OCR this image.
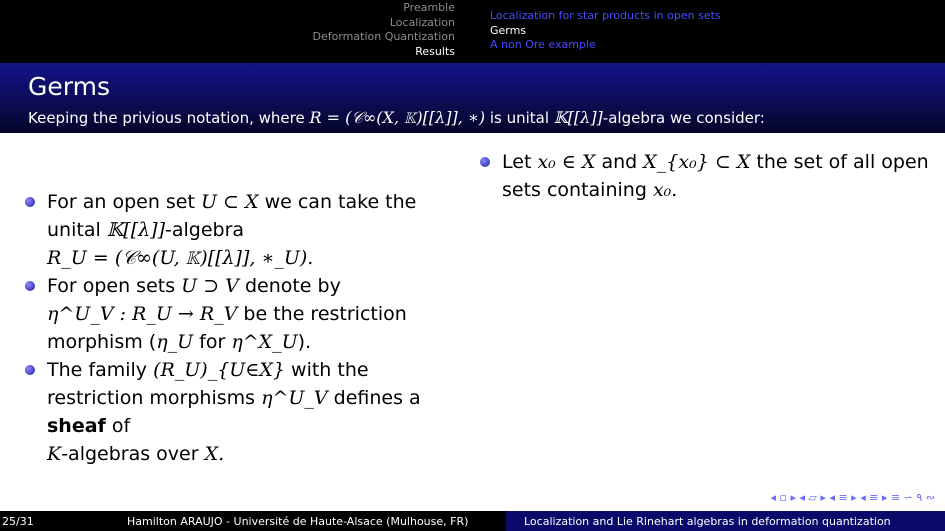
Preamble
Localization
Deformation Quantization
Results
Localization for star products in open sets
Germs
A non Ore example
Germs
Keeping the privious notation, where R = (𝒞∞(X, 𝕂)[[λ]], ∗) is unital 𝕂[[λ]]-algebra we consider:
For an open set U ⊂ X we can take the unital 𝕂[[λ]]-algebra
R_U = (𝒞∞(U, 𝕂)[[λ]], ∗_U).
For open sets U ⊃ V denote by
η^U_V : R_U → R_V be the restriction morphism (η_U for η^X_U).
The family (R_U)_{U∈X} with the restriction morphisms η^U_V defines a sheaf of
K-algebras over X.
Let x₀ ∈ X and X_{x₀} ⊂ X the set of all open sets containing x₀.
◂ ▫ ▸ ◂ ▱ ▸ ◂ ≡ ▸ ◂ ≡ ▸ ≡ ∽ ۹ ∾
25/31	Hamilton ARAUJO - Université de Haute-Alsace (Mulhouse, FR)	Localization and Lie Rinehart algebras in deformation quantization
